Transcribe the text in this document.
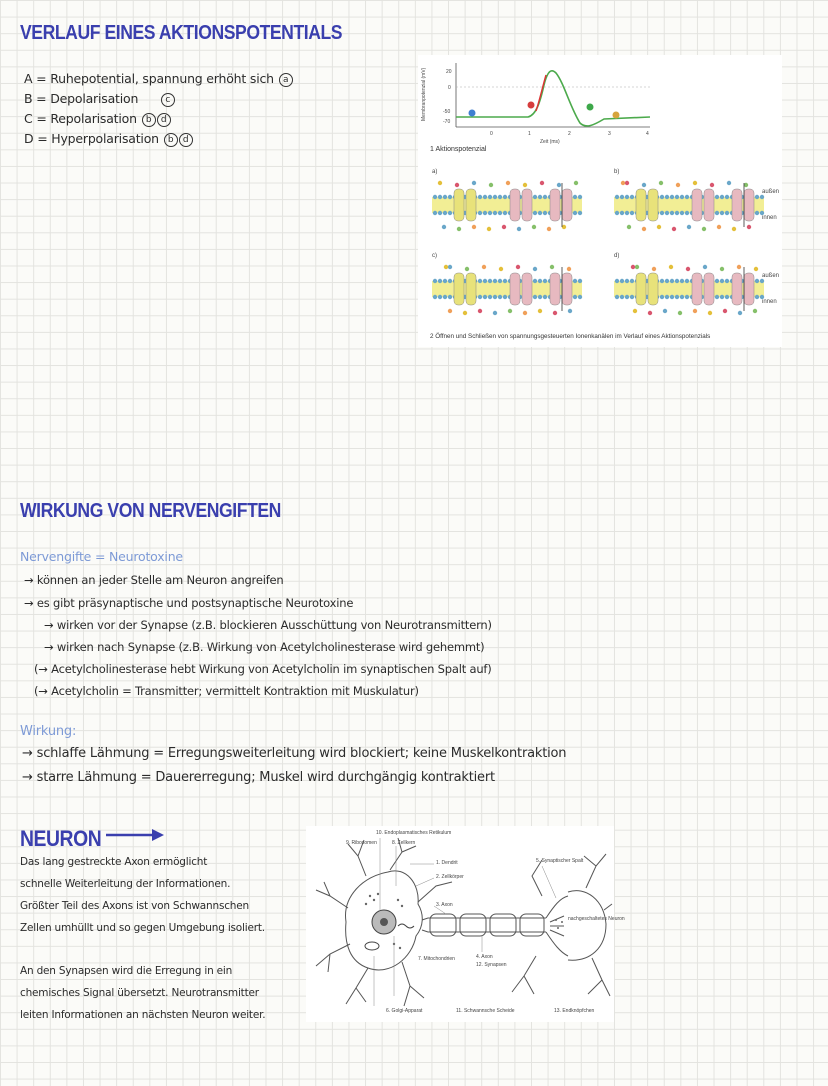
VERLAUF EINES AKTIONSPOTENTIALS
A = Ruhepotential, spannung erhöht sich a
B = Depolarisation	c
C = Repolarisation b d
D = Hyperpolarisation b d
Membranpotenzial (mV)	20
0
-50
-70
0	1	2	3	4
Zeit (ms)
1 Aktionspotenzial
a)	b)
c)	d)
außen
innen
außen
innen
2 Öffnen und Schließen von spannungsgesteuerten Ionenkanälen im Verlauf eines Aktionspotenzials
WIRKUNG VON NERVENGIFTEN
Nervengifte = Neurotoxine
→ können an jeder Stelle am Neuron angreifen
→ es gibt präsynaptische und postsynaptische Neurotoxine
→ wirken vor der Synapse (z.B. blockieren Ausschüttung von Neurotransmittern)
→ wirken nach Synapse (z.B. Wirkung von Acetylcholinesterase wird gehemmt)
(→ Acetylcholinesterase hebt Wirkung von Acetylcholin im synaptischen Spalt auf)
(→ Acetylcholin = Transmitter; vermittelt Kontraktion mit Muskulatur)
Wirkung:
→ schlaffe Lähmung = Erregungsweiterleitung wird blockiert; keine Muskelkontraktion
→ starre Lähmung = Dauererregung; Muskel wird durchgängig kontraktiert
NEURON
Das lang gestreckte Axon ermöglicht
schnelle Weiterleitung der Informationen.
Größter Teil des Axons ist von Schwannschen
Zellen umhüllt und so gegen Umgebung isoliert.
An den Synapsen wird die Erregung in ein
chemisches Signal übersetzt. Neurotransmitter
leiten Informationen an nächsten Neuron weiter.
10. Endoplasmatisches Retikulum
9. Ribosomen	8. Zellkern
1. Dendrit
2. Zellkörper
3. Axon
5. Synaptischer Spalt
nachgeschaltetes Neuron
7. Mitochondrien	4. Axon
12. Synapsen
6. Golgi-Apparat	11. Schwannsche Scheide	13. Endknöpfchen
